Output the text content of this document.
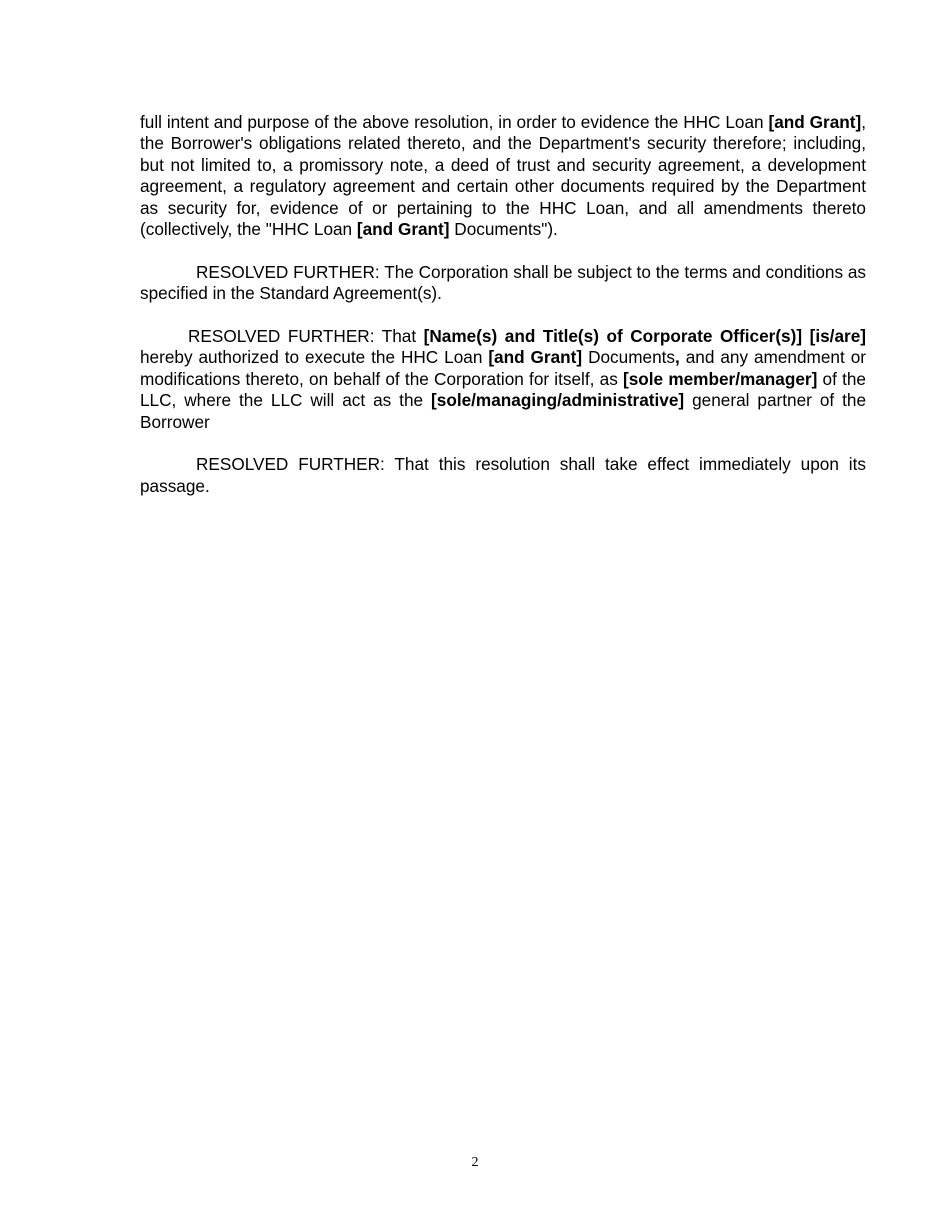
full intent and purpose of the above resolution, in order to evidence the HHC Loan [and Grant], the Borrower's obligations related thereto, and the Department's security therefore; including, but not limited to, a promissory note, a deed of trust and security agreement, a development agreement, a regulatory agreement and certain other documents required by the Department as security for, evidence of or pertaining to the HHC Loan, and all amendments thereto (collectively, the "HHC Loan [and Grant] Documents").

RESOLVED FURTHER: The Corporation shall be subject to the terms and conditions as specified in the Standard Agreement(s).

RESOLVED FURTHER: That [Name(s) and Title(s) of Corporate Officer(s)] [is/are] hereby authorized to execute the HHC Loan [and Grant] Documents, and any amendment or modifications thereto, on behalf of the Corporation for itself, as [sole member/manager] of the LLC, where the LLC will act as the [sole/managing/administrative] general partner of the Borrower

RESOLVED FURTHER: That this resolution shall take effect immediately upon its passage.

2
